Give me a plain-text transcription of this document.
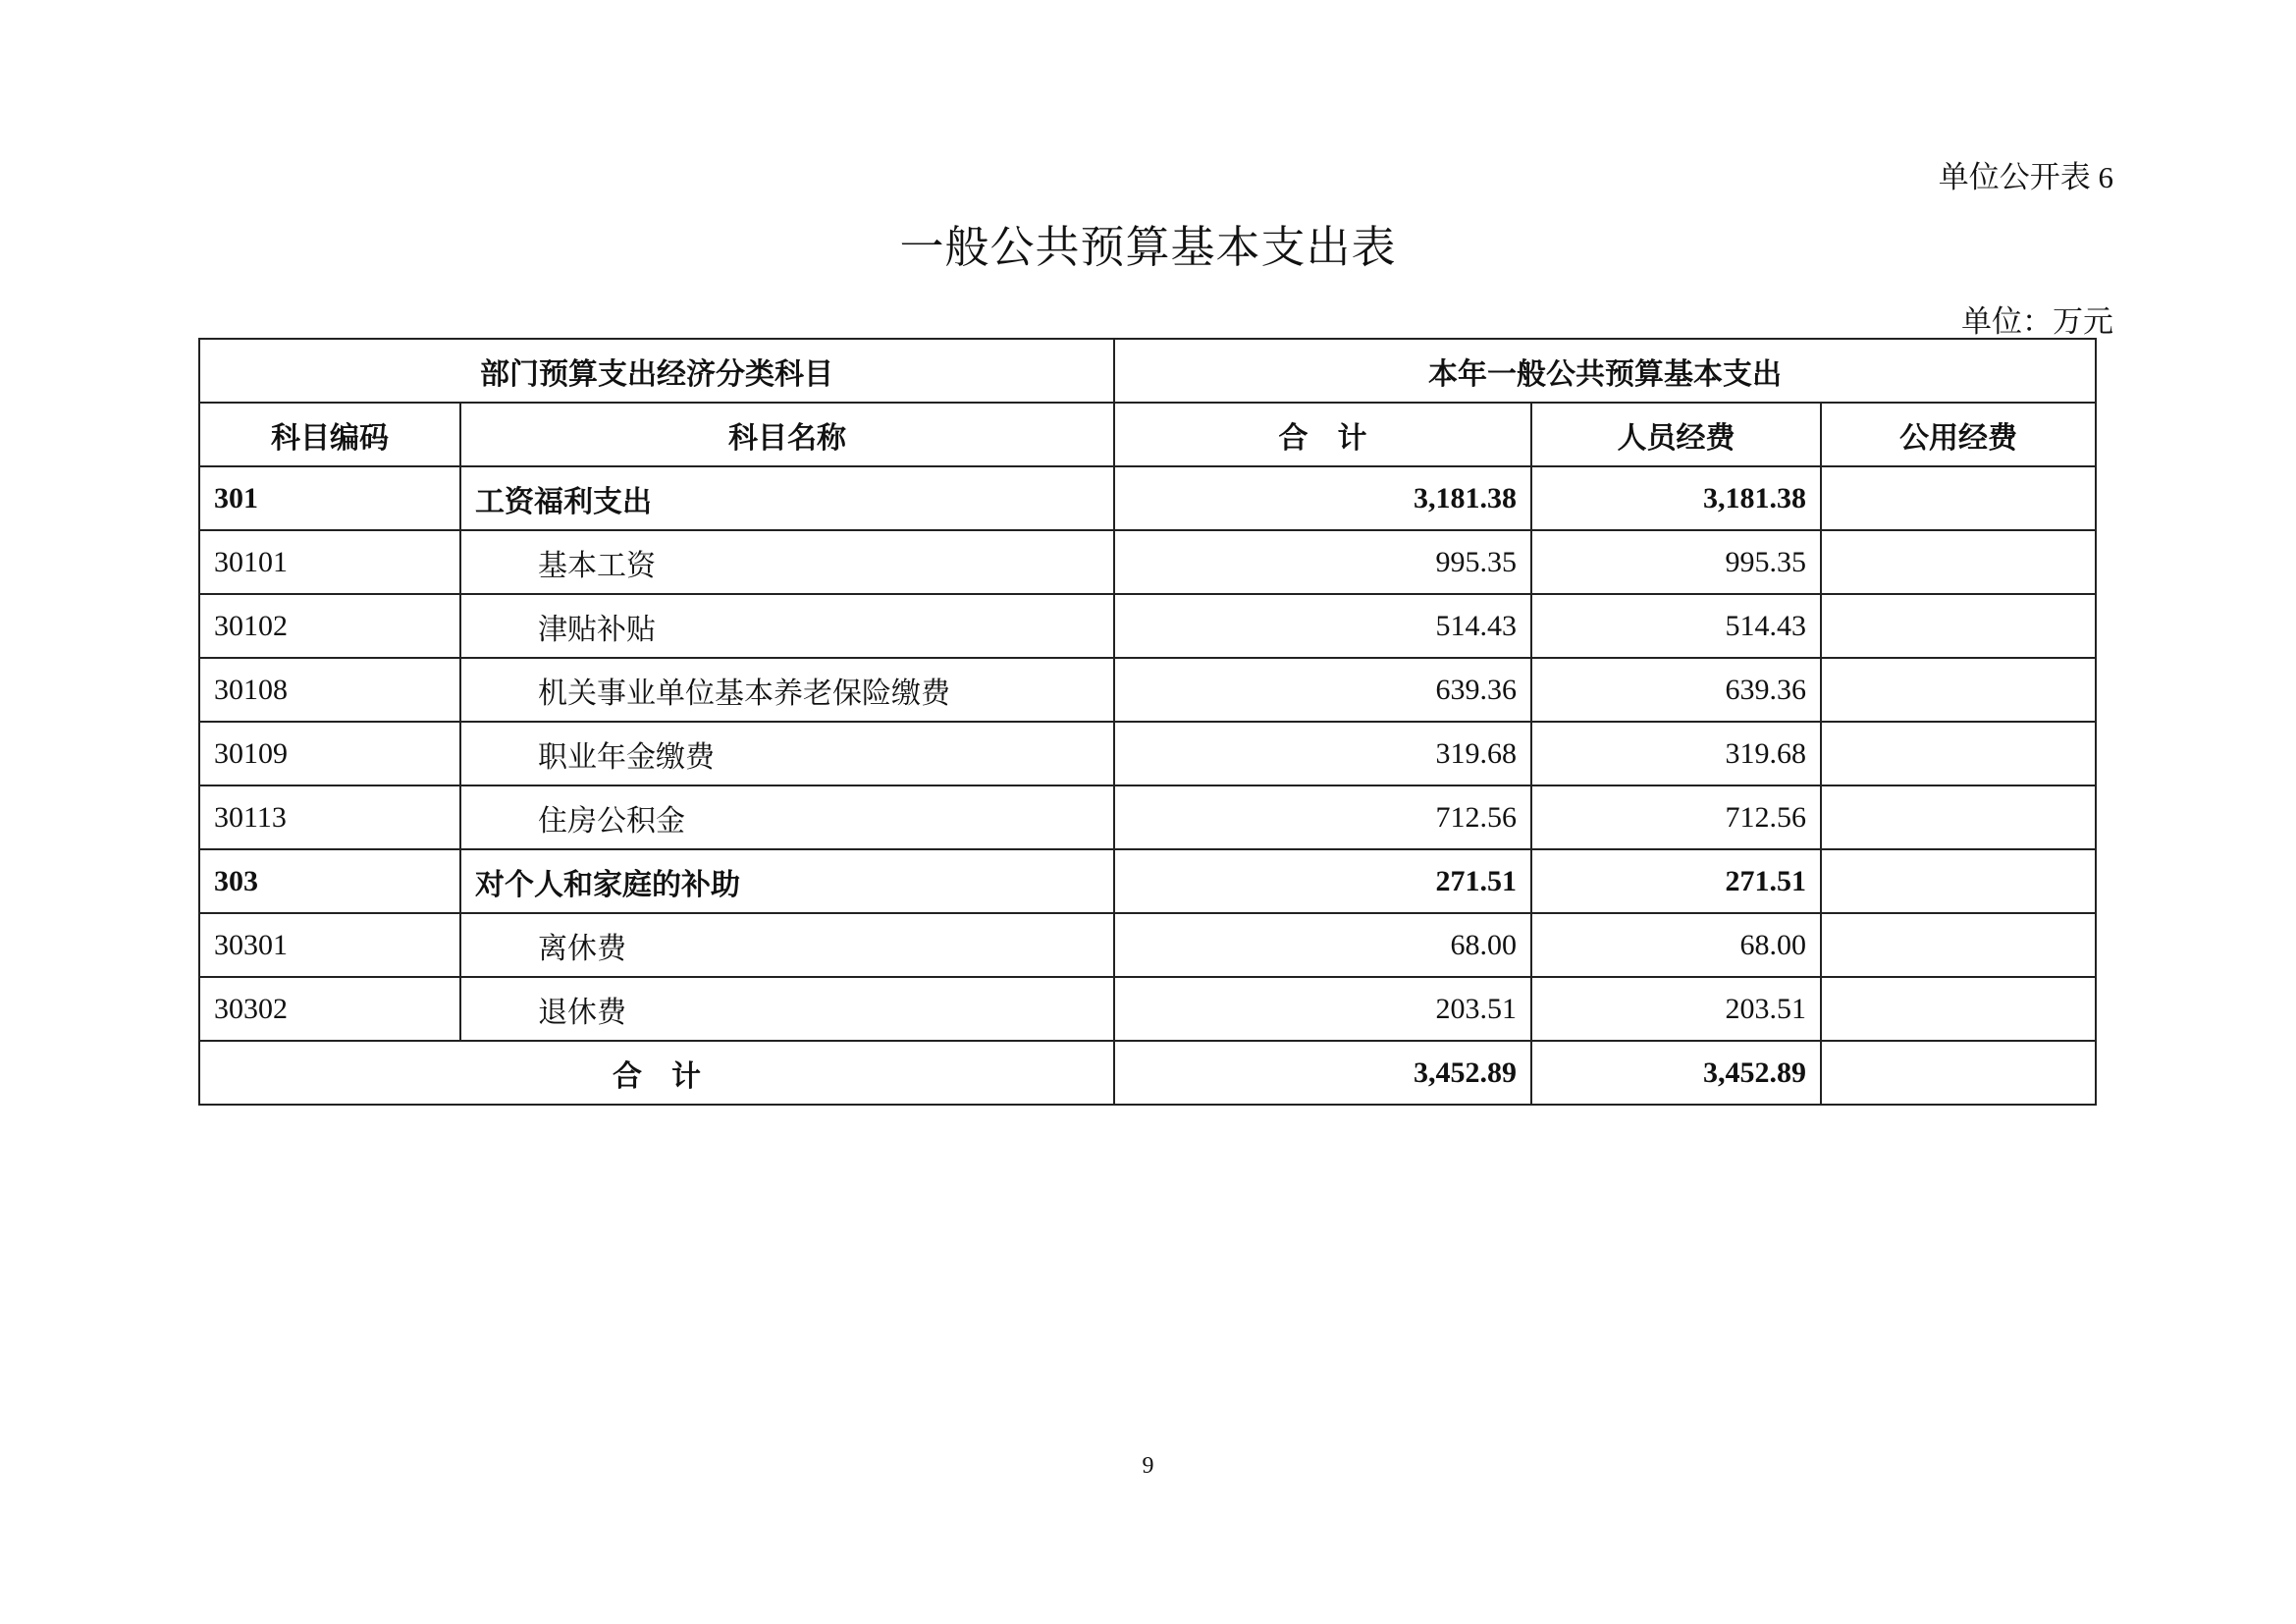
单位公开表 6
一般公共预算基本支出表
单位：万元
部门预算支出经济分类科目		本年一般公共预算基本支出		
科目编码	科目名称	合　计	人员经费	公用经费
301	工资福利支出	3,181.38	3,181.38	
30101	基本工资	995.35	995.35	
30102	津贴补贴	514.43	514.43	
30108	机关事业单位基本养老保险缴费	639.36	639.36	
30109	职业年金缴费	319.68	319.68	
30113	住房公积金	712.56	712.56	
303	对个人和家庭的补助	271.51	271.51	
30301	离休费	68.00	68.00	
30302	退休费	203.51	203.51	
合　计		3,452.89	3,452.89	
9
